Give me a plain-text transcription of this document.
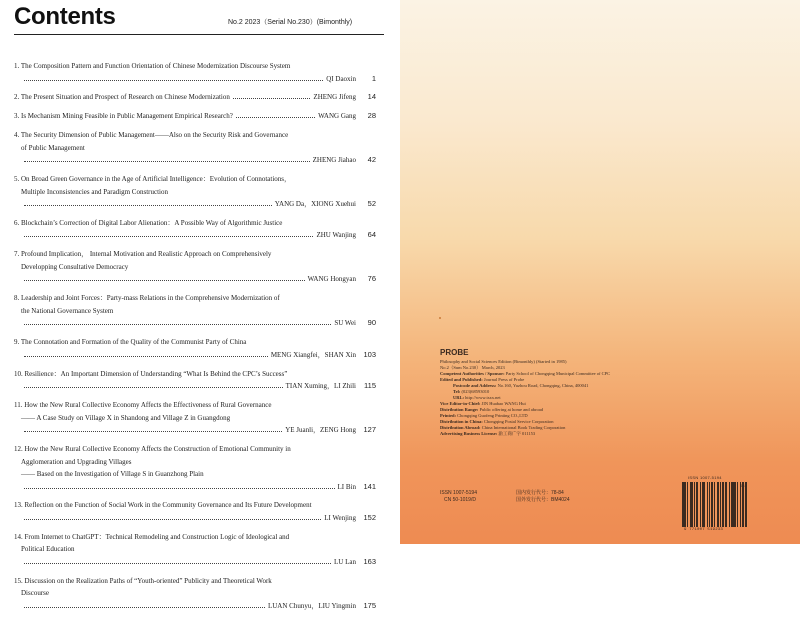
Contents	No.2 2023（Serial No.230）(Bimonthly)
1. The Composition Pattern and Function Orientation of Chinese Modernization Discourse System
QI Daoxin	1
2. The Present Situation and Prospect of Research on Chinese Modernization	ZHENG Jifeng	14
3. Is Mechanism Mining Feasible in Public Management Empirical Research?	WANG Gang	28
4. The Security Dimension of Public Management——Also on the Security Risk and Governance
of Public Management
ZHENG Jiahao	42
5. On Broad Green Governance in the Age of Artificial Intelligence：Evolution of Connotations，
Multiple Inconsistencies and Paradigm Construction
YANG Da，XIONG Xuehui	52
6. Blockchain’s Correction of Digital Labor Alienation：A Possible Way of Algorithmic Justice
ZHU Wanjing	64
7. Profound Implication， Internal Motivation and Realistic Approach on Comprehensively
Developping Consultative Democracy
WANG Hongyan	76
8. Leadership and Joint Forces：Party-mass Relations in the Comprehensive Modernization of
the National Governance System
SU Wei	90
9. The Connotation and Formation of the Quality of the Communist Party of China
MENG Xiangfei，SHAN Xin 103
10. Resilience：An Important Dimension of Understanding “What Is Behind the CPC’s Success”
TIAN Xuming，LI Zhili	115
11. How the New Rural Collective Economy Affects the Effectiveness of Rural Governance
—— A Case Study on Village X in Shandong and Village Z in Guangdong
YE Juanli，ZENG Hong 127
12. How the New Rural Collective Economy Affects the Construction of Emotional Community in
Agglomeration and Upgrading Villages
—— Based on the Investigation of Village S in Guanzhong Plain
LI Bin 141
13. Reflection on the Function of Social Work in the Community Governance and Its Future Development
LI Wenjing 152
14. From Internet to ChatGPT：Technical Remodeling and Construction Logic of Ideological and
Political Education
LU Lan 163
15. Discussion on the Realization Paths of “Youth-oriented” Publicity and Theoretical Work
Discourse
LUAN Chunyu，LIU Yingmin 175
PROBE
Philosophy and Social Sciences Edition (Bimonthly) (Started in 1985)
No.2（Sum No.230） March, 2023
Competent Authorities / Sponsor: Party School of Chongqing Municipal Committee of CPC
Edited and Published: Journal Press of Probe
Postcode and Address: No.160, Yuzhou Road, Chongqing, China, 400041
Tel: (023)68593010
URL: http://www.tsxx.net
Vice Editor-in-Chief: JIN Huabao WANG Hui
Distribution Range: Public offering at home and abroad
Printed: Chongqing Guofeng Printing CO.,LTD
Distribution in China: Chongqing Postal Service Corporation
Distribution Abroad: China International Book Trading Corporation
Advertising Business License: 渝工商广字 011153
ISSN 1007-5194
CN 50-1019/D
国内发行代号：78-84
国外发行代号：BM4024
ISSN 1007-5194
9 771007 519233
03
